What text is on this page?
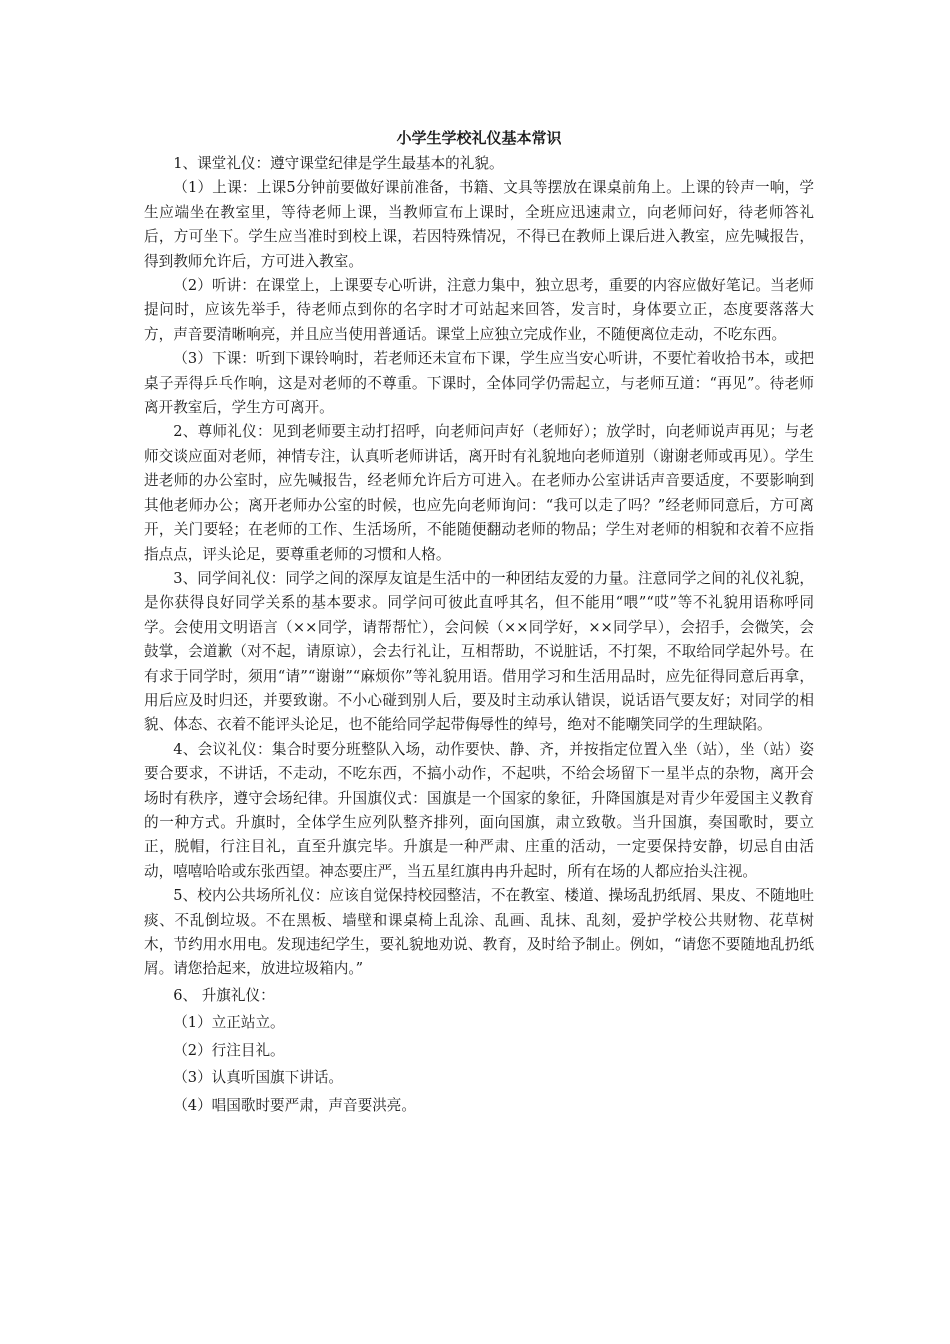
小学生学校礼仪基本常识

1、课堂礼仪：遵守课堂纪律是学生最基本的礼貌。

（1）上课：上课5分钟前要做好课前准备，书籍、文具等摆放在课桌前角上。上课的铃声一响，学生应端坐在教室里，等待老师上课，当教师宣布上课时，全班应迅速肃立，向老师问好，待老师答礼后，方可坐下。学生应当准时到校上课，若因特殊情况，不得已在教师上课后进入教室，应先喊报告，得到教师允许后，方可进入教室。

（2）听讲：在课堂上，上课要专心听讲，注意力集中，独立思考，重要的内容应做好笔记。当老师提问时，应该先举手，待老师点到你的名字时才可站起来回答，发言时，身体要立正，态度要落落大方，声音要清晰响亮，并且应当使用普通话。课堂上应独立完成作业，不随便离位走动，不吃东西。

（3）下课：听到下课铃响时，若老师还未宣布下课，学生应当安心听讲，不要忙着收拾书本，或把桌子弄得乒乓作响，这是对老师的不尊重。下课时，全体同学仍需起立，与老师互道：“再见”。待老师离开教室后，学生方可离开。

2、尊师礼仪：见到老师要主动打招呼，向老师问声好（老师好）；放学时，向老师说声再见；与老师交谈应面对老师，神情专注，认真听老师讲话，离开时有礼貌地向老师道别（谢谢老师或再见）。学生进老师的办公室时，应先喊报告，经老师允许后方可进入。在老师办公室讲话声音要适度，不要影响到其他老师办公；离开老师办公室的时候，也应先向老师询问：“我可以走了吗？”经老师同意后，方可离开，关门要轻；在老师的工作、生活场所，不能随便翻动老师的物品；学生对老师的相貌和衣着不应指指点点，评头论足，要尊重老师的习惯和人格。

3、同学间礼仪：同学之间的深厚友谊是生活中的一种团结友爱的力量。注意同学之间的礼仪礼貌，是你获得良好同学关系的基本要求。同学问可彼此直呼其名，但不能用“喂”“哎”等不礼貌用语称呼同学。会使用文明语言（××同学，请帮帮忙），会问候（××同学好，××同学早），会招手，会微笑，会鼓掌，会道歉（对不起，请原谅），会去行礼让，互相帮助，不说脏话，不打架，不取给同学起外号。在有求于同学时，须用“请”“谢谢”“麻烦你”等礼貌用语。借用学习和生活用品时，应先征得同意后再拿，用后应及时归还，并要致谢。不小心碰到别人后，要及时主动承认错误，说话语气要友好；对同学的相貌、体态、衣着不能评头论足，也不能给同学起带侮辱性的绰号，绝对不能嘲笑同学的生理缺陷。

4、会议礼仪：集合时要分班整队入场，动作要快、静、齐，并按指定位置入坐（站），坐（站）姿要合要求，不讲话，不走动，不吃东西，不搞小动作，不起哄，不给会场留下一星半点的杂物，离开会场时有秩序，遵守会场纪律。升国旗仪式：国旗是一个国家的象征，升降国旗是对青少年爱国主义教育的一种方式。升旗时，全体学生应列队整齐排列，面向国旗，肃立致敬。当升国旗，奏国歌时，要立正，脱帽，行注目礼，直至升旗完毕。升旗是一种严肃、庄重的活动，一定要保持安静，切忌自由活动，嘻嘻哈哈或东张西望。神态要庄严，当五星红旗冉冉升起时，所有在场的人都应抬头注视。

5、校内公共场所礼仪：应该自觉保持校园整洁，不在教室、楼道、操场乱扔纸屑、果皮、不随地吐痰、不乱倒垃圾。不在黑板、墙壁和课桌椅上乱涂、乱画、乱抹、乱刻，爱护学校公共财物、花草树木，节约用水用电。发现违纪学生，要礼貌地劝说、教育，及时给予制止。例如，“请您不要随地乱扔纸屑。请您拾起来，放进垃圾箱内。”

6、 升旗礼仪：

（1）立正站立。

（2）行注目礼。

（3）认真听国旗下讲话。

（4）唱国歌时要严肃，声音要洪亮。
